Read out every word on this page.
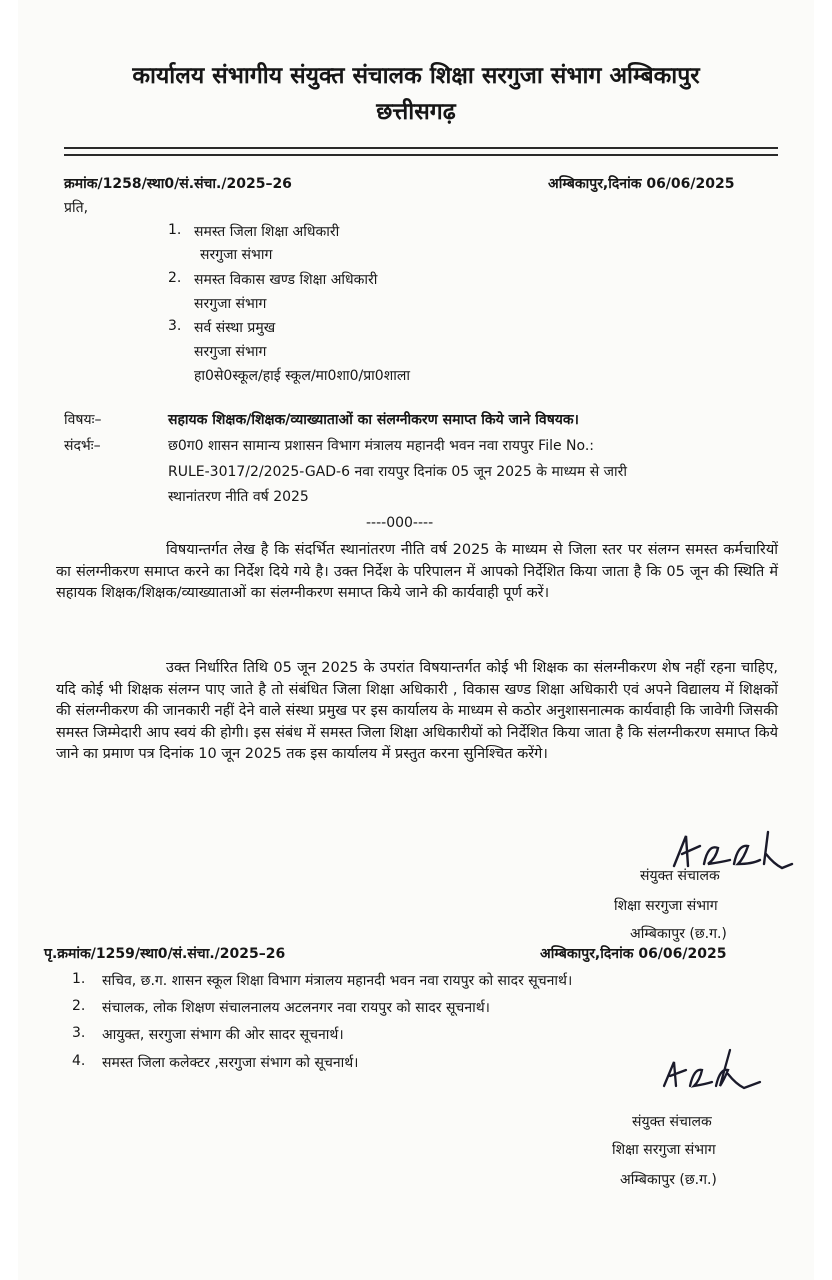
कार्यालय संभागीय संयुक्त संचालक शिक्षा सरगुजा संभाग अम्बिकापुर
छत्तीसगढ़
क्रमांक/1258/स्था0/सं.संचा./2025–26	अम्बिकापुर,दिनांक 06/06/2025
प्रति,
1. समस्त जिला शिक्षा अधिकारी
सरगुजा संभाग
2. समस्त विकास खण्ड शिक्षा अधिकारी
सरगुजा संभाग
3. सर्व संस्था प्रमुख
सरगुजा संभाग
हा0से0स्कूल/हाई स्कूल/मा0शा0/प्रा0शाला
विषयः–	सहायक शिक्षक/शिक्षक/व्याख्याताओं का संलग्नीकरण समाप्त किये जाने विषयक।
संदर्भः–	छ0ग0 शासन सामान्य प्रशासन विभाग मंत्रालय महानदी भवन नवा रायपुर File No.:
RULE-3017/2/2025-GAD-6 नवा रायपुर दिनांक 05 जून 2025 के माध्यम से जारी
स्थानांतरण नीति वर्ष 2025
----000----
विषयान्तर्गत लेख है कि संदर्भित स्थानांतरण नीति वर्ष 2025 के माध्यम से जिला स्तर पर संलग्न समस्त कर्मचारियों का संलग्नीकरण समाप्त करने का निर्देश दिये गये है। उक्त निर्देश के परिपालन में आपको निर्देशित किया जाता है कि 05 जून की स्थिति में सहायक शिक्षक/शिक्षक/व्याख्याताओं का संलग्नीकरण समाप्त किये जाने की कार्यवाही पूर्ण करें।
उक्त निर्धारित तिथि 05 जून 2025 के उपरांत विषयान्तर्गत कोई भी शिक्षक का संलग्नीकरण शेष नहीं रहना चाहिए, यदि कोई भी शिक्षक संलग्न पाए जाते है तो संबंधित जिला शिक्षा अधिकारी , विकास खण्ड शिक्षा अधिकारी एवं अपने विद्यालय में शिक्षकों की संलग्नीकरण की जानकारी नहीं देने वाले संस्था प्रमुख पर इस कार्यालय के माध्यम से कठोर अनुशासनात्मक कार्यवाही कि जावेगी जिसकी समस्त जिम्मेदारी आप स्वयं की होगी। इस संबंध में समस्त जिला शिक्षा अधिकारीयों को निर्देशित किया जाता है कि संलग्नीकरण समाप्त किये जाने का प्रमाण पत्र दिनांक 10 जून 2025 तक इस कार्यालय में प्रस्तुत करना सुनिश्चित करेंगे।
संयुक्त संचालक
शिक्षा सरगुजा संभाग
अम्बिकापुर (छ.ग.)
पृ.क्रमांक/1259/स्था0/सं.संचा./2025–26	अम्बिकापुर,दिनांक 06/06/2025
1. सचिव, छ.ग. शासन स्कूल शिक्षा विभाग मंत्रालय महानदी भवन नवा रायपुर को सादर सूचनार्थ।
2. संचालक, लोक शिक्षण संचालनालय अटलनगर नवा रायपुर को सादर सूचनार्थ।
3. आयुक्त, सरगुजा संभाग की ओर सादर सूचनार्थ।
4. समस्त जिला कलेक्टर ,सरगुजा संभाग को सूचनार्थ।
संयुक्त संचालक
शिक्षा सरगुजा संभाग
अम्बिकापुर (छ.ग.)
